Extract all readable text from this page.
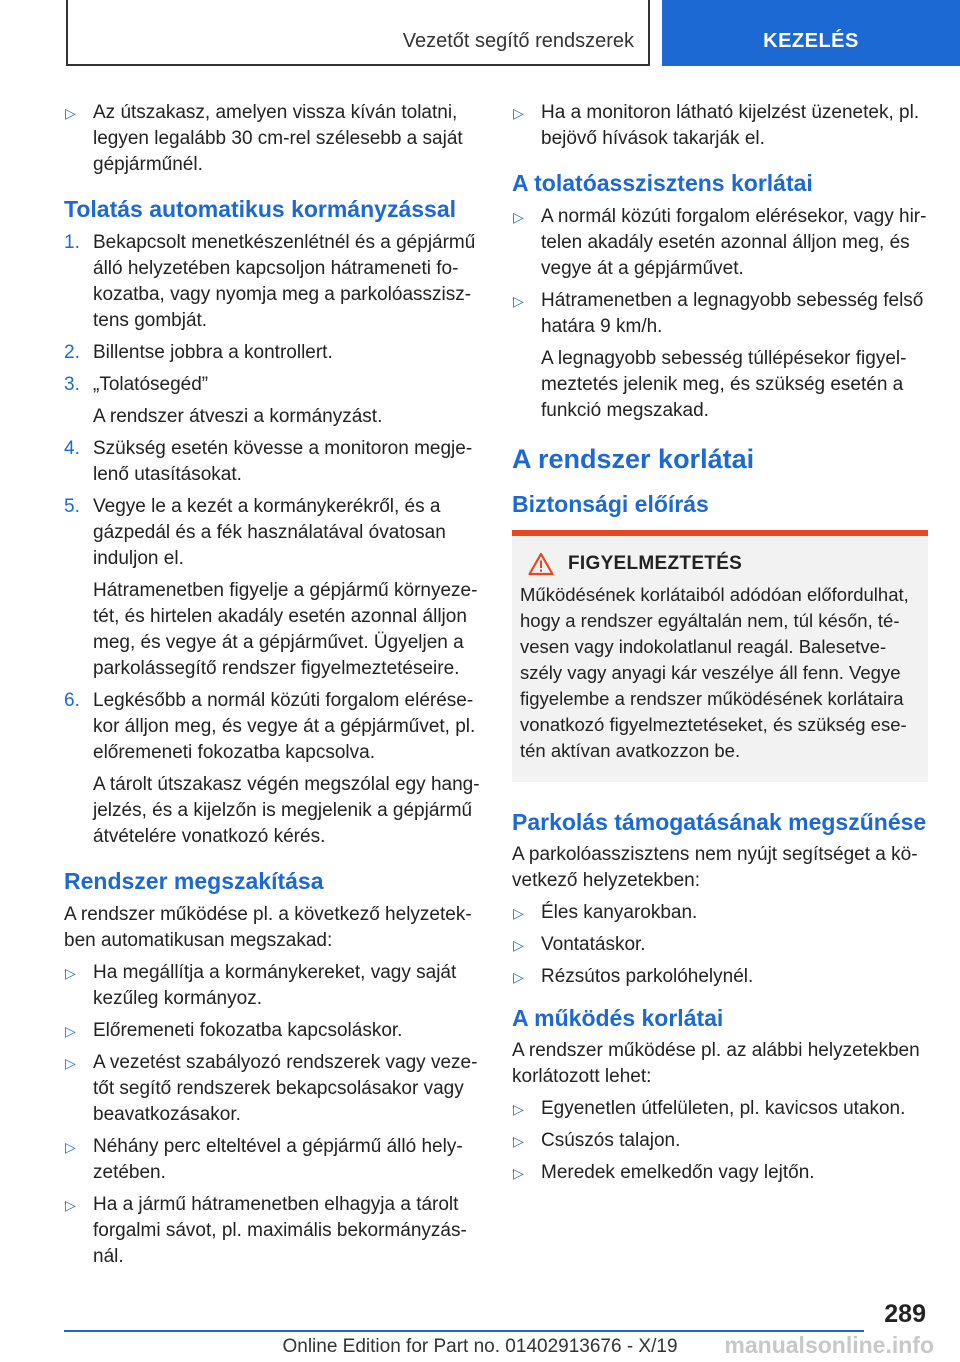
Vezetőt segítő rendszerek	KEZELÉS
▷ Az útszakasz, amelyen vissza kíván tolatni, legyen legalább 30 cm-rel szélesebb a saját gépjárműnél.

Tolatás automatikus kormányzással
1. Bekapcsolt menetkészenlétnél és a gépjármű álló helyzetében kapcsoljon hátrameneti fokozatba, vagy nyomja meg a parkolóasszisztens gombját.

2. Billentse jobbra a kontrollert.

3. „Tolatósegéd”

A rendszer átveszi a kormányzást.

4. Szükség esetén kövesse a monitoron megjelenő utasításokat.

5. Vegye le a kezét a kormánykerékről, és a gázpedál és a fék használatával óvatosan induljon el.

Hátramenetben figyelje a gépjármű környezetét, és hirtelen akadály esetén azonnal álljon meg, és vegye át a gépjárművet. Ügyeljen a parkolássegítő rendszer figyelmeztetéseire.

6. Legkésőbb a normál közúti forgalom elérésekor álljon meg, és vegye át a gépjárművet, pl. előremeneti fokozatba kapcsolva.

A tárolt útszakasz végén megszólal egy hangjelzés, és a kijelzőn is megjelenik a gépjármű átvételére vonatkozó kérés.

Rendszer megszakítása

A rendszer működése pl. a következő helyzetekben automatikusan megszakad:

▷ Ha megállítja a kormánykereket, vagy saját kezűleg kormányoz.

▷ Előremeneti fokozatba kapcsoláskor.

▷ A vezetést szabályozó rendszerek vagy vezetőt segítő rendszerek bekapcsolásakor vagy beavatkozásakor.

▷ Néhány perc elteltével a gépjármű álló helyzetében.

▷ Ha a jármű hátramenetben elhagyja a tárolt forgalmi sávot, pl. maximális bekormányzásnál.

▷ Ha a monitoron látható kijelzést üzenetek, pl. bejövő hívások takarják el.

A tolatóasszisztens korlátai
▷ A normál közúti forgalom elérésekor, vagy hirtelen akadály esetén azonnal álljon meg, és vegye át a gépjárművet.

▷ Hátramenetben a legnagyobb sebesség felső határa 9 km/h.

A legnagyobb sebesség túllépésekor figyelmeztetés jelenik meg, és szükség esetén a funkció megszakad.

A rendszer korlátai
Biztonsági előírás
FIGYELMEZTETÉS

Működésének korlátaiból adódóan előfordulhat, hogy a rendszer egyáltalán nem, túl későn, tévesen vagy indokolatlanul reagál. Balesetveszély vagy anyagi kár veszélye áll fenn. Vegye figyelembe a rendszer működésének korlátaira vonatkozó figyelmeztetéseket, és szükség esetén aktívan avatkozzon be.

Parkolás támogatásának megszűnése

A parkolóasszisztens nem nyújt segítséget a következő helyzetekben:

▷ Éles kanyarokban.

▷ Vontatáskor.

▷ Rézsútos parkolóhelynél.

A működés korlátai

A rendszer működése pl. az alábbi helyzetekben korlátozott lehet:

▷ Egyenetlen útfelületen, pl. kavicsos utakon.

▷ Csúszós talajon.

▷ Meredek emelkedőn vagy lejtőn.

289
Online Edition for Part no. 01402913676 - X/19	manualsonline.info
